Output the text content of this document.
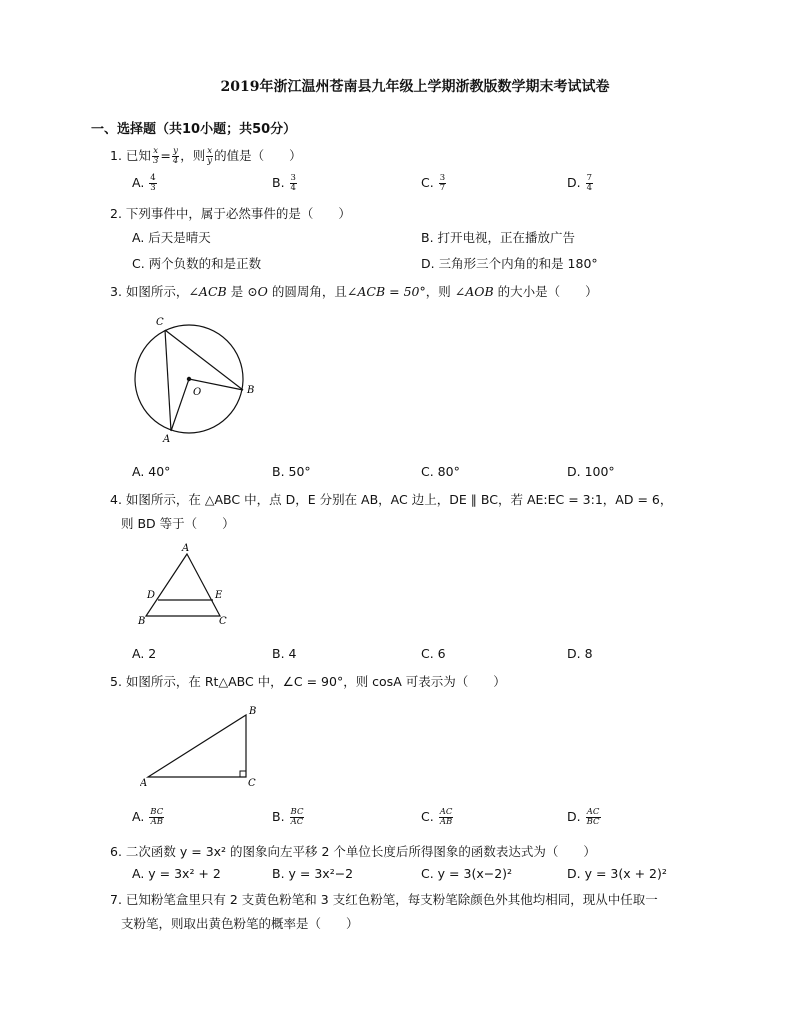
2019年浙江温州苍南县九年级上学期浙教版数学期末考试试卷
一、选择题（共10小题；共50分）
1. 已知 $\frac{x}{3} = \frac{y}{4}$ ，则 $\frac{x}{y}$ 的值是（　　）
A. $\frac{4}{3}$	B. $\frac{3}{4}$	C. $\frac{3}{7}$	D. $\frac{7}{4}$
2. 下列事件中，属于必然事件的是（　　）
A. 后天是晴天	B. 打开电视，正在播放广告
C. 两个负数的和是正数	D. 三角形三个内角的和是 180°
3. 如图所示，∠ACB 是 ⊙O 的圆周角，且∠ACB = 50°，则 ∠AOB 的大小是（　　）
C
O	B
A
A. 40°	B. 50°	C. 80°	D. 100°
4. 如图所示，在 △ABC 中，点 D，E 分别在 AB，AC 边上，DE ∥ BC，若 AE:EC = 3:1，AD = 6，
则 BD 等于（　　）
A
D	E
B	C
A. 2	B. 4	C. 6	D. 8
5. 如图所示，在 Rt△ABC 中，∠C = 90°，则 cosA 可表示为（　　）
B
A	C
A. $\frac{BC}{AB}$	B. $\frac{BC}{AC}$	C. $\frac{AC}{AB}$	D. $\frac{AC}{BC}$
6. 二次函数 y = 3x² 的图象向左平移 2 个单位长度后所得图象的函数表达式为（　　）
A. y = 3x² + 2	B. y = 3x²−2	C. y = 3(x−2)²	D. y = 3(x + 2)²
7. 已知粉笔盒里只有 2 支黄色粉笔和 3 支红色粉笔，每支粉笔除颜色外其他均相同，现从中任取一
支粉笔，则取出黄色粉笔的概率是（　　）
